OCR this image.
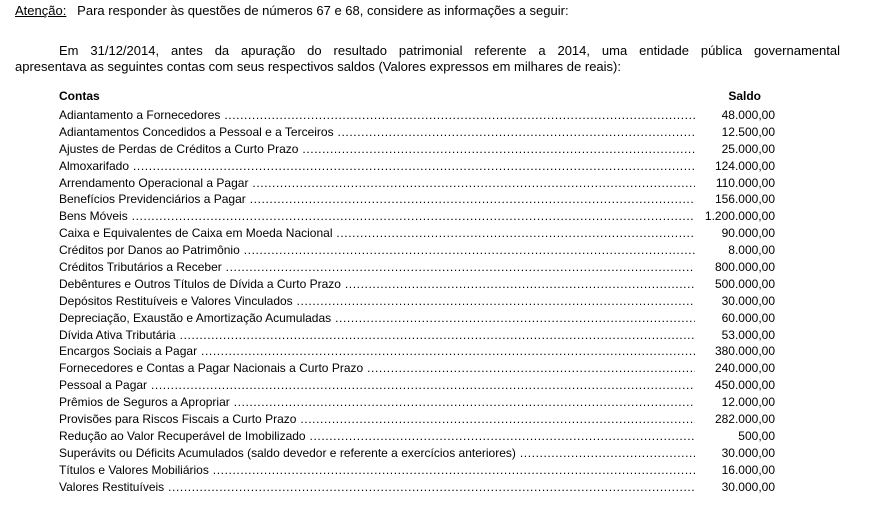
Atenção: Para responder às questões de números 67 e 68, considere as informações a seguir:
Em 31/12/2014, antes da apuração do resultado patrimonial referente a 2014, uma entidade pública governamental
apresentava as seguintes contas com seus respectivos saldos (Valores expressos em milhares de reais):
Contas	Saldo
Adiantamento a Fornecedores .....	48.000,00
Adiantamentos Concedidos a Pessoal e a Terceiros .....	12.500,00
Ajustes de Perdas de Créditos a Curto Prazo .....	25.000,00
Almoxarifado .....	124.000,00
Arrendamento Operacional a Pagar .....	110.000,00
Benefícios Previdenciários a Pagar .....	156.000,00
Bens Móveis .....	1.200.000,00
Caixa e Equivalentes de Caixa em Moeda Nacional .....	90.000,00
Créditos por Danos ao Patrimônio .....	8.000,00
Créditos Tributários a Receber .....	800.000,00
Debêntures e Outros Títulos de Dívida a Curto Prazo .....	500.000,00
Depósitos Restituíveis e Valores Vinculados .....	30.000,00
Depreciação, Exaustão e Amortização Acumuladas .....	60.000,00
Dívida Ativa Tributária .....	53.000,00
Encargos Sociais a Pagar .....	380.000,00
Fornecedores e Contas a Pagar Nacionais a Curto Prazo .....	240.000,00
Pessoal a Pagar .....	450.000,00
Prêmios de Seguros a Apropriar .....	12.000,00
Provisões para Riscos Fiscais a Curto Prazo .....	282.000,00
Redução ao Valor Recuperável de Imobilizado .....	500,00
Superávits ou Déficits Acumulados (saldo devedor e referente a exercícios anteriores) .....	30.000,00
Títulos e Valores Mobiliários .....	16.000,00
Valores Restituíveis .....	30.000,00
